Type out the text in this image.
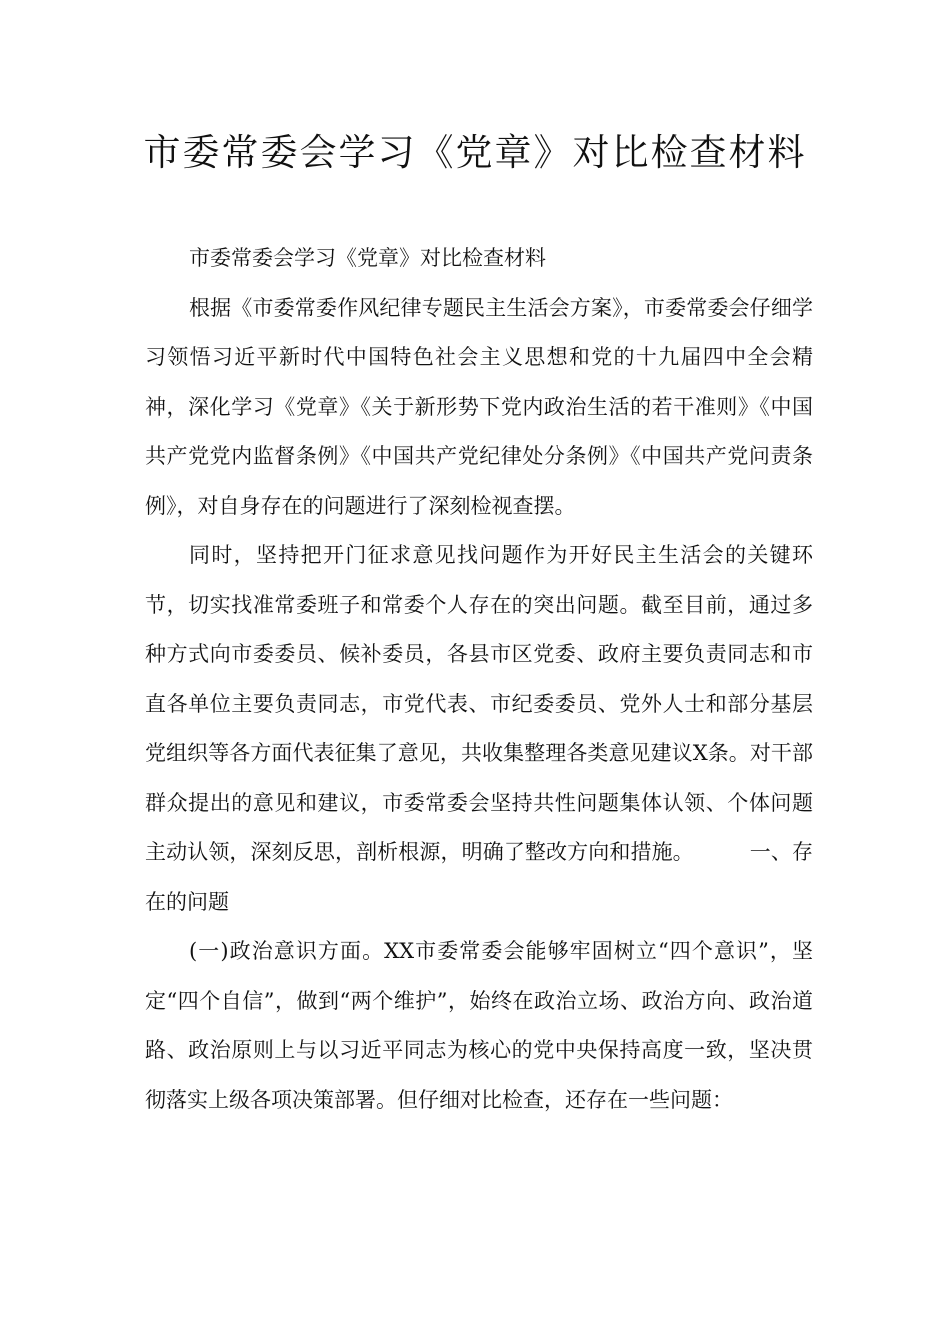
市委常委会学习《党章》对比检查材料

市委常委会学习《党章》对比检查材料

根据《市委常委作风纪律专题民主生活会方案》，市委常委会仔细学习领悟习近平新时代中国特色社会主义思想和党的十九届四中全会精神，深化学习《党章》《关于新形势下党内政治生活的若干准则》《中国共产党党内监督条例》《中国共产党纪律处分条例》《中国共产党问责条例》，对自身存在的问题进行了深刻检视查摆。

同时，坚持把开门征求意见找问题作为开好民主生活会的关键环节，切实找准常委班子和常委个人存在的突出问题。截至目前，通过多种方式向市委委员、候补委员，各县市区党委、政府主要负责同志和市直各单位主要负责同志，市党代表、市纪委委员、党外人士和部分基层党组织等各方面代表征集了意见，共收集整理各类意见建议X条。对干部群众提出的意见和建议，市委常委会坚持共性问题集体认领、个体问题主动认领，深刻反思，剖析根源，明确了整改方向和措施。	一、存在的问题

(一)政治意识方面。XX市委常委会能够牢固树立“四个意识”，坚定“四个自信”，做到“两个维护”，始终在政治立场、政治方向、政治道路、政治原则上与以习近平同志为核心的党中央保持高度一致，坚决贯彻落实上级各项决策部署。但仔细对比检查，还存在一些问题：
